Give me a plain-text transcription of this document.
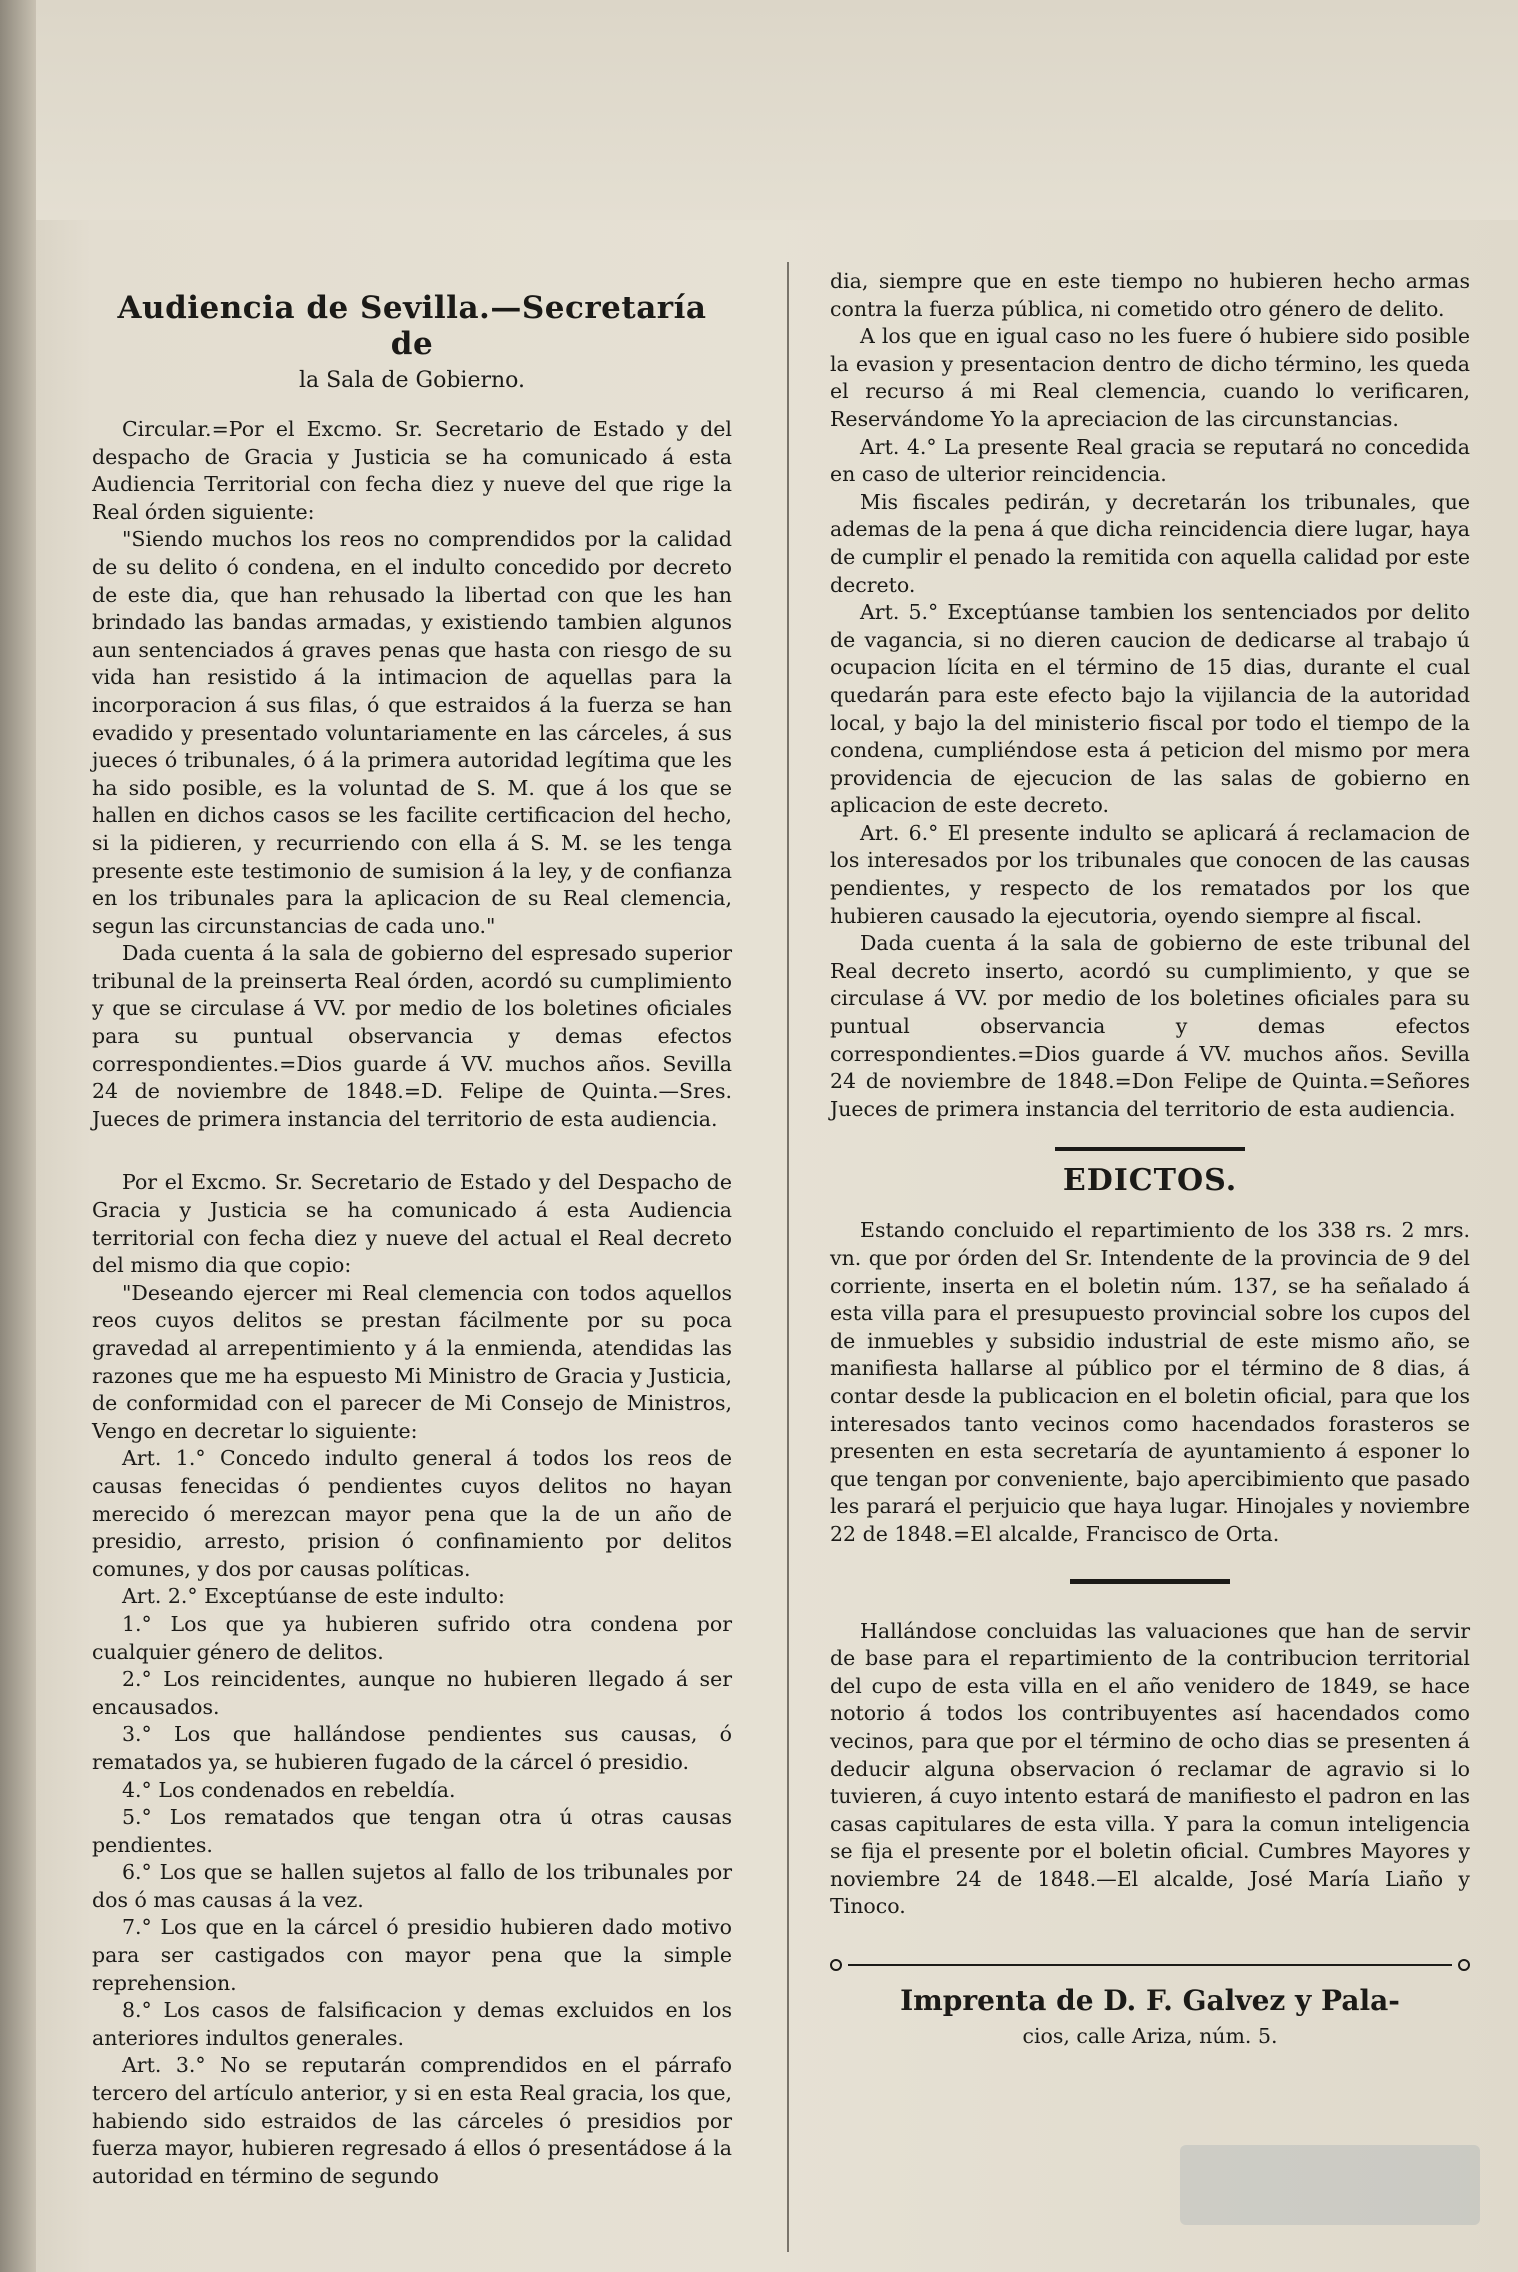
Audiencia de Sevilla.—Secretaría de
la Sala de Gobierno.

Circular.=Por el Excmo. Sr. Secretario de Estado y del despacho de Gracia y Justicia se ha comunicado á esta Audiencia Territorial con fecha diez y nueve del que rige la Real órden siguiente:

"Siendo muchos los reos no comprendidos por la calidad de su delito ó condena, en el indulto concedido por decreto de este dia, que han rehusado la libertad con que les han brindado las bandas armadas, y existiendo tambien algunos aun sentenciados á graves penas que hasta con riesgo de su vida han resistido á la intimacion de aquellas para la incorporacion á sus filas, ó que estraidos á la fuerza se han evadido y presentado voluntariamente en las cárceles, á sus jueces ó tribunales, ó á la primera autoridad legítima que les ha sido posible, es la voluntad de S. M. que á los que se hallen en dichos casos se les facilite certificacion del hecho, si la pidieren, y recurriendo con ella á S. M. se les tenga presente este testimonio de sumision á la ley, y de confianza en los tribunales para la aplicacion de su Real clemencia, segun las circunstancias de cada uno."

Dada cuenta á la sala de gobierno del espresado superior tribunal de la preinserta Real órden, acordó su cumplimiento y que se circulase á VV. por medio de los boletines oficiales para su puntual observancia y demas efectos correspondientes.=Dios guarde á VV. muchos años. Sevilla 24 de noviembre de 1848.=D. Felipe de Quinta.—Sres. Jueces de primera instancia del territorio de esta audiencia.

Por el Excmo. Sr. Secretario de Estado y del Despacho de Gracia y Justicia se ha comunicado á esta Audiencia territorial con fecha diez y nueve del actual el Real decreto del mismo dia que copio:

"Deseando ejercer mi Real clemencia con todos aquellos reos cuyos delitos se prestan fácilmente por su poca gravedad al arrepentimiento y á la enmienda, atendidas las razones que me ha espuesto Mi Ministro de Gracia y Justicia, de conformidad con el parecer de Mi Consejo de Ministros, Vengo en decretar lo siguiente:

Art. 1.° Concedo indulto general á todos los reos de causas fenecidas ó pendientes cuyos delitos no hayan merecido ó merezcan mayor pena que la de un año de presidio, arresto, prision ó confinamiento por delitos comunes, y dos por causas políticas.

Art. 2.° Exceptúanse de este indulto:

1.° Los que ya hubieren sufrido otra condena por cualquier género de delitos.

2.° Los reincidentes, aunque no hubieren llegado á ser encausados.

3.° Los que hallándose pendientes sus causas, ó rematados ya, se hubieren fugado de la cárcel ó presidio.

4.° Los condenados en rebeldía.

5.° Los rematados que tengan otra ú otras causas pendientes.

6.° Los que se hallen sujetos al fallo de los tribunales por dos ó mas causas á la vez.

7.° Los que en la cárcel ó presidio hubieren dado motivo para ser castigados con mayor pena que la simple reprehension.

8.° Los casos de falsificacion y demas excluidos en los anteriores indultos generales.

Art. 3.° No se reputarán comprendidos en el párrafo tercero del artículo anterior, y si en esta Real gracia, los que, habiendo sido estraidos de las cárceles ó presidios por fuerza mayor, hubieren regresado á ellos ó presentádose á la autoridad en término de segundo

dia, siempre que en este tiempo no hubieren hecho armas contra la fuerza pública, ni cometido otro género de delito.

A los que en igual caso no les fuere ó hubiere sido posible la evasion y presentacion dentro de dicho término, les queda el recurso á mi Real clemencia, cuando lo verificaren, Reservándome Yo la apreciacion de las circunstancias.

Art. 4.° La presente Real gracia se reputará no concedida en caso de ulterior reincidencia.

Mis fiscales pedirán, y decretarán los tribunales, que ademas de la pena á que dicha reincidencia diere lugar, haya de cumplir el penado la remitida con aquella calidad por este decreto.

Art. 5.° Exceptúanse tambien los sentenciados por delito de vagancia, si no dieren caucion de dedicarse al trabajo ú ocupacion lícita en el término de 15 dias, durante el cual quedarán para este efecto bajo la vijilancia de la autoridad local, y bajo la del ministerio fiscal por todo el tiempo de la condena, cumpliéndose esta á peticion del mismo por mera providencia de ejecucion de las salas de gobierno en aplicacion de este decreto.

Art. 6.° El presente indulto se aplicará á reclamacion de los interesados por los tribunales que conocen de las causas pendientes, y respecto de los rematados por los que hubieren causado la ejecutoria, oyendo siempre al fiscal.

Dada cuenta á la sala de gobierno de este tribunal del Real decreto inserto, acordó su cumplimiento, y que se circulase á VV. por medio de los boletines oficiales para su puntual observancia y demas efectos correspondientes.=Dios guarde á VV. muchos años. Sevilla 24 de noviembre de 1848.=Don Felipe de Quinta.=Señores Jueces de primera instancia del territorio de esta audiencia.

EDICTOS.

Estando concluido el repartimiento de los 338 rs. 2 mrs. vn. que por órden del Sr. Intendente de la provincia de 9 del corriente, inserta en el boletin núm. 137, se ha señalado á esta villa para el presupuesto provincial sobre los cupos del de inmuebles y subsidio industrial de este mismo año, se manifiesta hallarse al público por el término de 8 dias, á contar desde la publicacion en el boletin oficial, para que los interesados tanto vecinos como hacendados forasteros se presenten en esta secretaría de ayuntamiento á esponer lo que tengan por conveniente, bajo apercibimiento que pasado les parará el perjuicio que haya lugar. Hinojales y noviembre 22 de 1848.=El alcalde, Francisco de Orta.

Hallándose concluidas las valuaciones que han de servir de base para el repartimiento de la contribucion territorial del cupo de esta villa en el año venidero de 1849, se hace notorio á todos los contribuyentes así hacendados como vecinos, para que por el término de ocho dias se presenten á deducir alguna observacion ó reclamar de agravio si lo tuvieren, á cuyo intento estará de manifiesto el padron en las casas capitulares de esta villa. Y para la comun inteligencia se fija el presente por el boletin oficial. Cumbres Mayores y noviembre 24 de 1848.—El alcalde, José María Liaño y Tinoco.

Imprenta de D. F. Galvez y Pala-
cios, calle Ariza, núm. 5.
